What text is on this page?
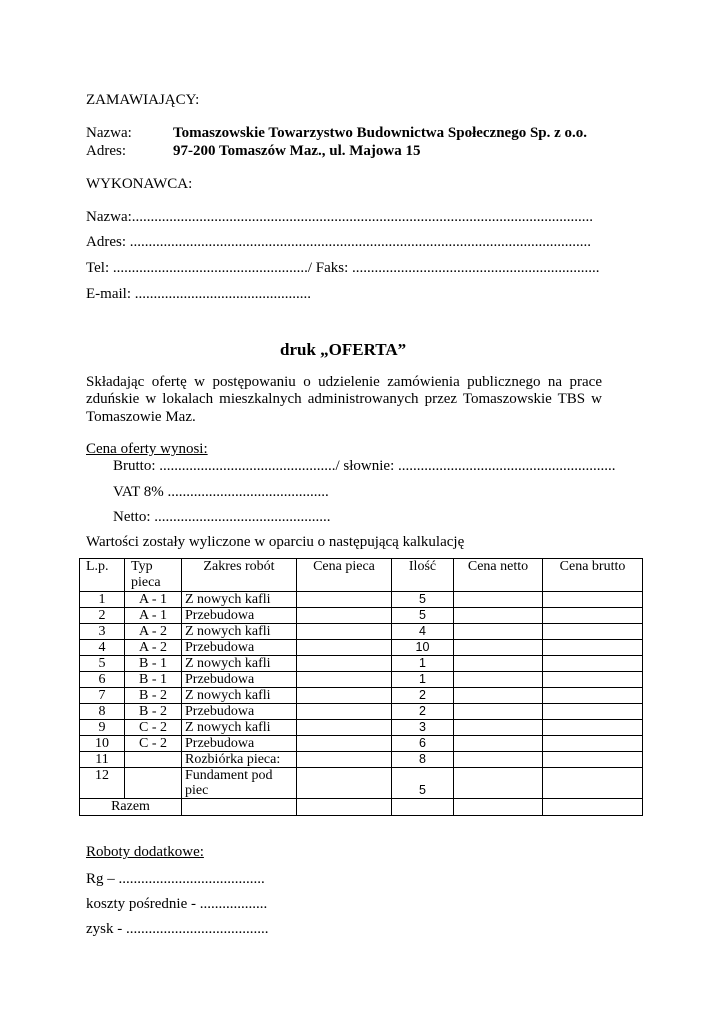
ZAMAWIAJĄCY:
Nazwa:	Tomaszowskie Towarzystwo Budownictwa Społecznego Sp. z o.o.
Adres:	97-200 Tomaszów Maz., ul. Majowa 15
WYKONAWCA:
Nazwa:...........................................................................................................................
Adres: ...........................................................................................................................
Tel: ..................................................../ Faks: ..................................................................
E-mail: ...............................................
druk „OFERTA”
Składając ofertę w postępowaniu o udzielenie zamówienia publicznego na prace zduńskie w lokalach mieszkalnych administrowanych przez Tomaszowskie TBS w Tomaszowie Maz.
Cena oferty wynosi:
Brutto: .............................................../ słownie: ..........................................................
VAT 8% ...........................................
Netto: ...............................................
Wartości zostały wyliczone w oparciu o następującą kalkulację
L.p.	Typ pieca	Zakres robót	Cena pieca	Ilość	Cena netto	Cena brutto
1	A - 1	Z nowych kafli		5		
2	A - 1	Przebudowa		5		
3	A - 2	Z nowych kafli		4		
4	A - 2	Przebudowa		10		
5	B - 1	Z nowych kafli		1		
6	B - 1	Przebudowa		1		
7	B - 2	Z nowych kafli		2		
8	B - 2	Przebudowa		2		
9	C - 2	Z nowych kafli		3		
10	C - 2	Przebudowa		6		
11		Rozbiórka pieca:		8		
12		Fundament pod piec		5		
Razem						
Roboty dodatkowe:
Rg – .......................................
koszty pośrednie - ..................
zysk - ......................................
